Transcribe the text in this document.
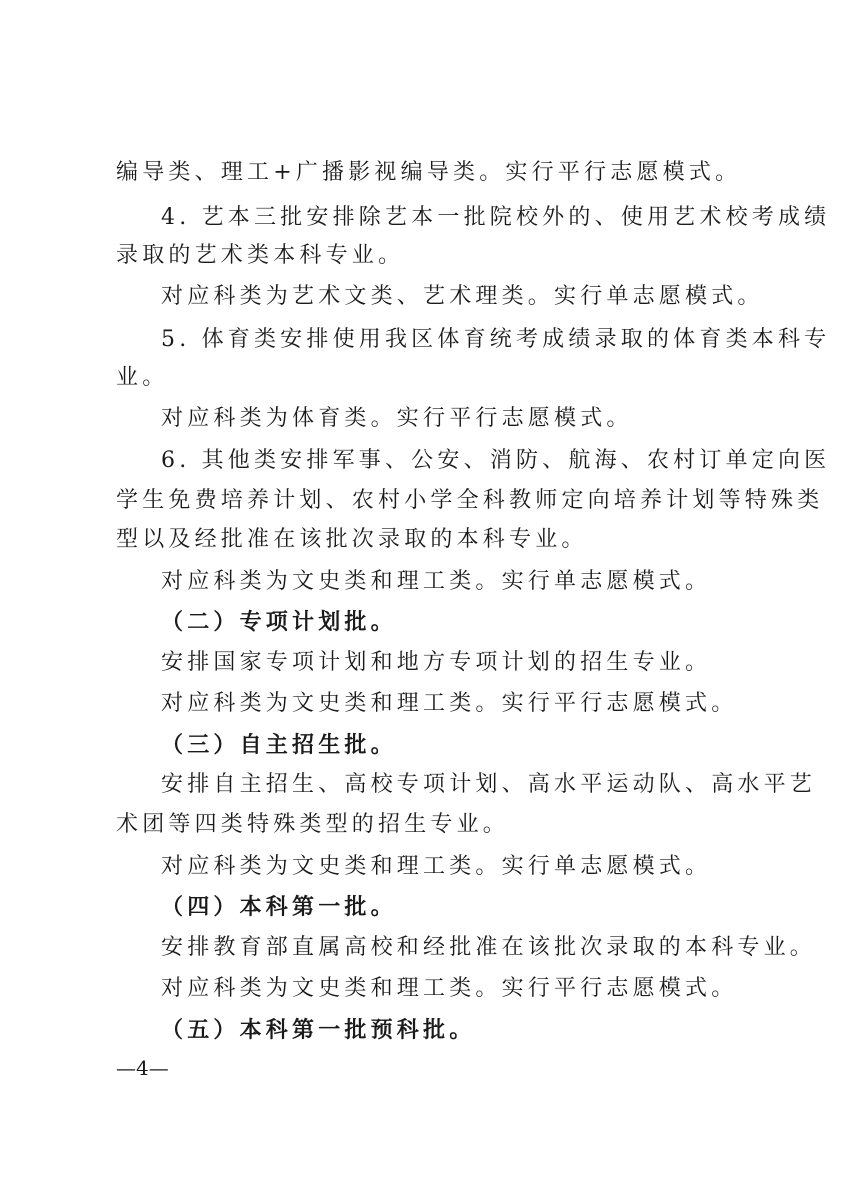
编导类、理工+广播影视编导类。实行平行志愿模式。
4. 艺本三批安排除艺本一批院校外的、使用艺术校考成绩
录取的艺术类本科专业。
对应科类为艺术文类、艺术理类。实行单志愿模式。
5. 体育类安排使用我区体育统考成绩录取的体育类本科专
业。
对应科类为体育类。实行平行志愿模式。
6. 其他类安排军事、公安、消防、航海、农村订单定向医
学生免费培养计划、农村小学全科教师定向培养计划等特殊类
型以及经批准在该批次录取的本科专业。
对应科类为文史类和理工类。实行单志愿模式。
（二）专项计划批。
安排国家专项计划和地方专项计划的招生专业。
对应科类为文史类和理工类。实行平行志愿模式。
（三）自主招生批。
安排自主招生、高校专项计划、高水平运动队、高水平艺
术团等四类特殊类型的招生专业。
对应科类为文史类和理工类。实行单志愿模式。
（四）本科第一批。
安排教育部直属高校和经批准在该批次录取的本科专业。
对应科类为文史类和理工类。实行平行志愿模式。
（五）本科第一批预科批。
—4—
